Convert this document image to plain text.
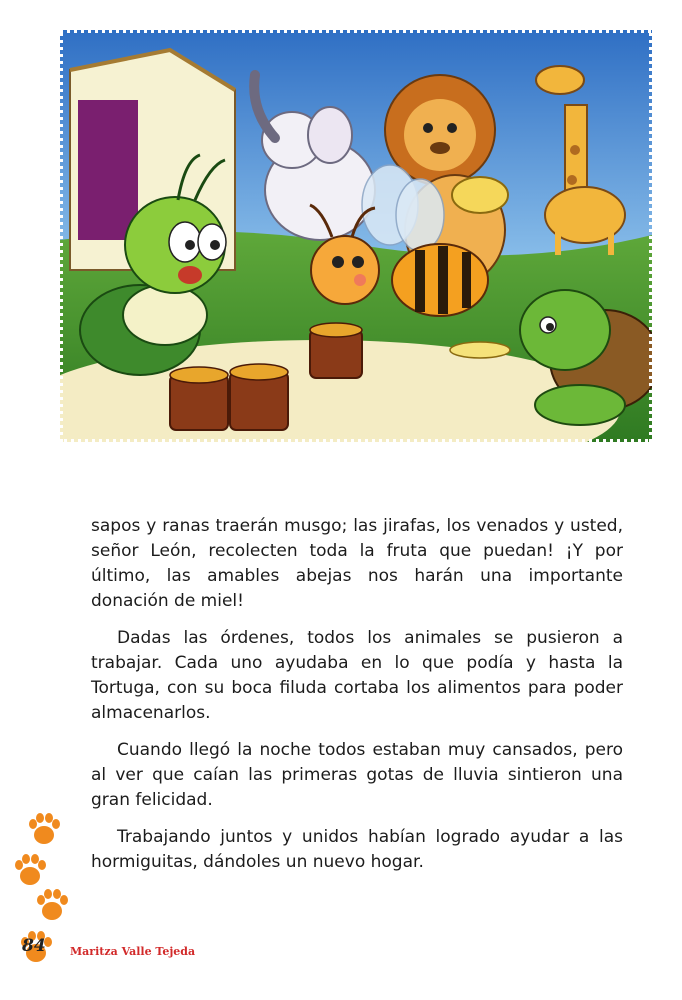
sapos y ranas traerán musgo; las jirafas, los venados y usted, señor León, recolecten toda la fruta que puedan! ¡Y por último, las amables abejas nos harán una importante donación de miel!

Dadas las órdenes, todos los animales se pusieron a trabajar. Cada uno ayudaba en lo que podía y hasta la Tortuga, con su boca filuda cortaba los alimentos para poder almacenarlos.

Cuando llegó la noche todos estaban muy cansados, pero al ver que caían las primeras gotas de lluvia sintieron una gran felicidad.

Trabajando juntos y unidos habían logrado ayudar a las hormiguitas, dándoles un nuevo hogar.

84 Maritza Valle Tejeda
